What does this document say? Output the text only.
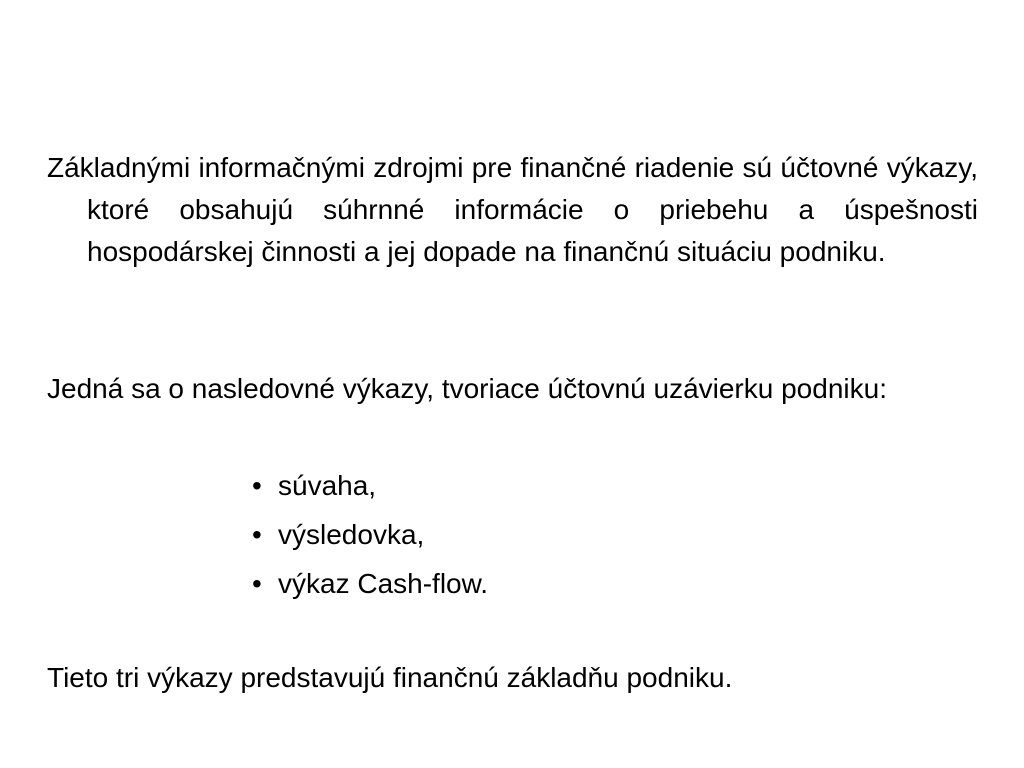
Základnými informačnými zdrojmi pre finančné riadenie sú účtovné výkazy, ktoré obsahujú súhrnné informácie o priebehu a úspešnosti hospodárskej činnosti a jej dopade na finančnú situáciu podniku.

Jedná sa o nasledovné výkazy, tvoriace účtovnú uzávierku podniku:

• súvaha,
• výsledovka,
• výkaz Cash-flow.

Tieto tri výkazy predstavujú finančnú základňu podniku.
